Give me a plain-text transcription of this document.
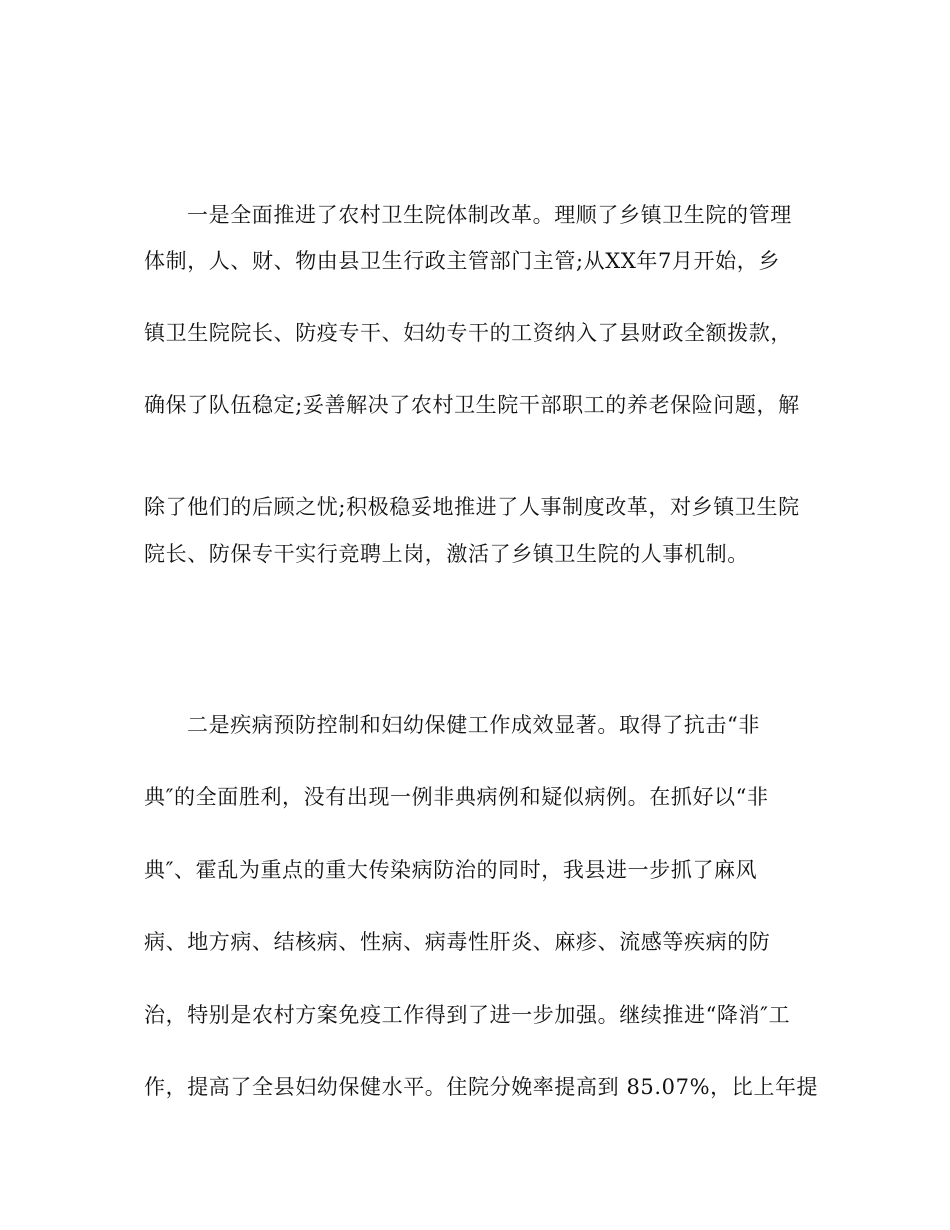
一是全面推进了农村卫生院体制改革。理顺了乡镇卫生院的管理
体制，人、财、物由县卫生行政主管部门主管;从XX年7月开始，乡
镇卫生院院长、防疫专干、妇幼专干的工资纳入了县财政全额拨款，
确保了队伍稳定;妥善解决了农村卫生院干部职工的养老保险问题，解
除了他们的后顾之忧;积极稳妥地推进了人事制度改革，对乡镇卫生院
院长、防保专干实行竞聘上岗，激活了乡镇卫生院的人事机制。
二是疾病预防控制和妇幼保健工作成效显著。取得了抗击“非
典″的全面胜利，没有出现一例非典病例和疑似病例。在抓好以“非
典″、霍乱为重点的重大传染病防治的同时，我县进一步抓了麻风
病、地方病、结核病、性病、病毒性肝炎、麻疹、流感等疾病的防
治，特别是农村方案免疫工作得到了进一步加强。继续推进“降消″工
作，提高了全县妇幼保健水平。住院分娩率提高到 85.07%，比上年提
